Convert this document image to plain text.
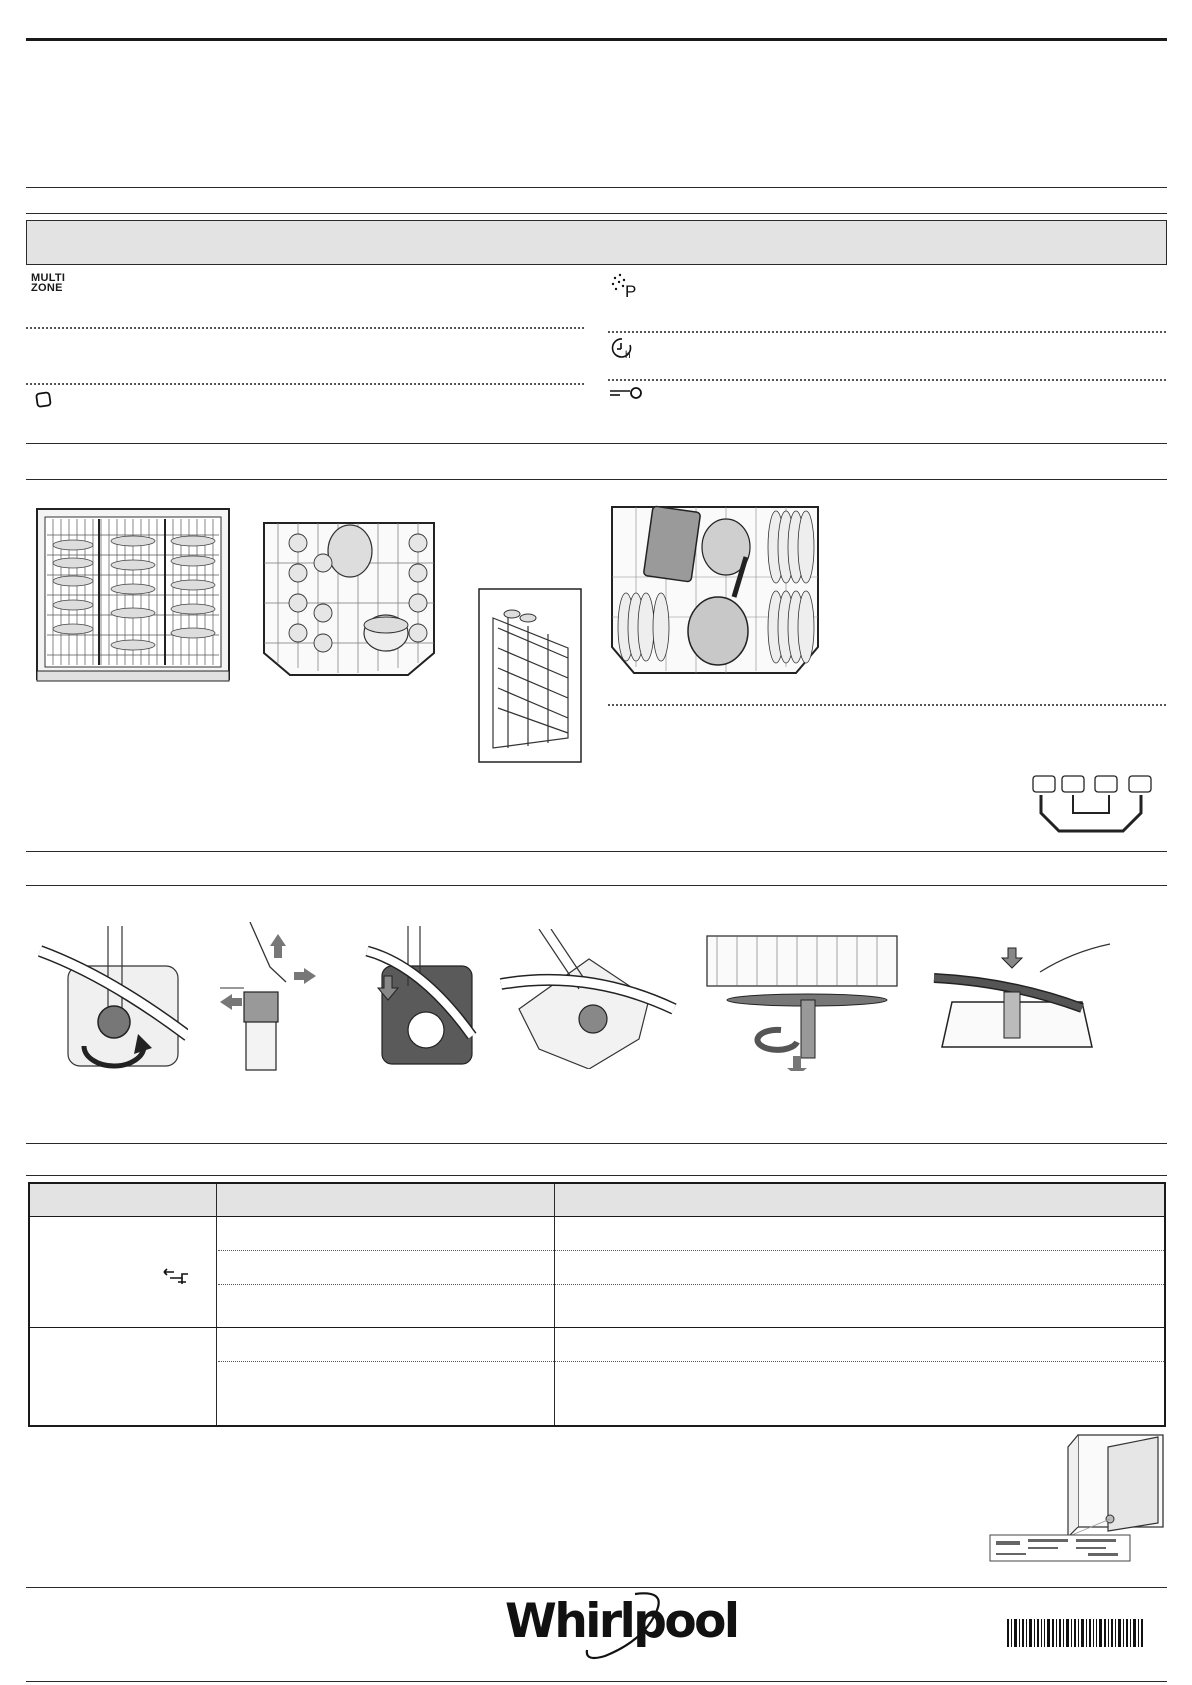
MULTI
ZONE	P
h
Whirlpool
